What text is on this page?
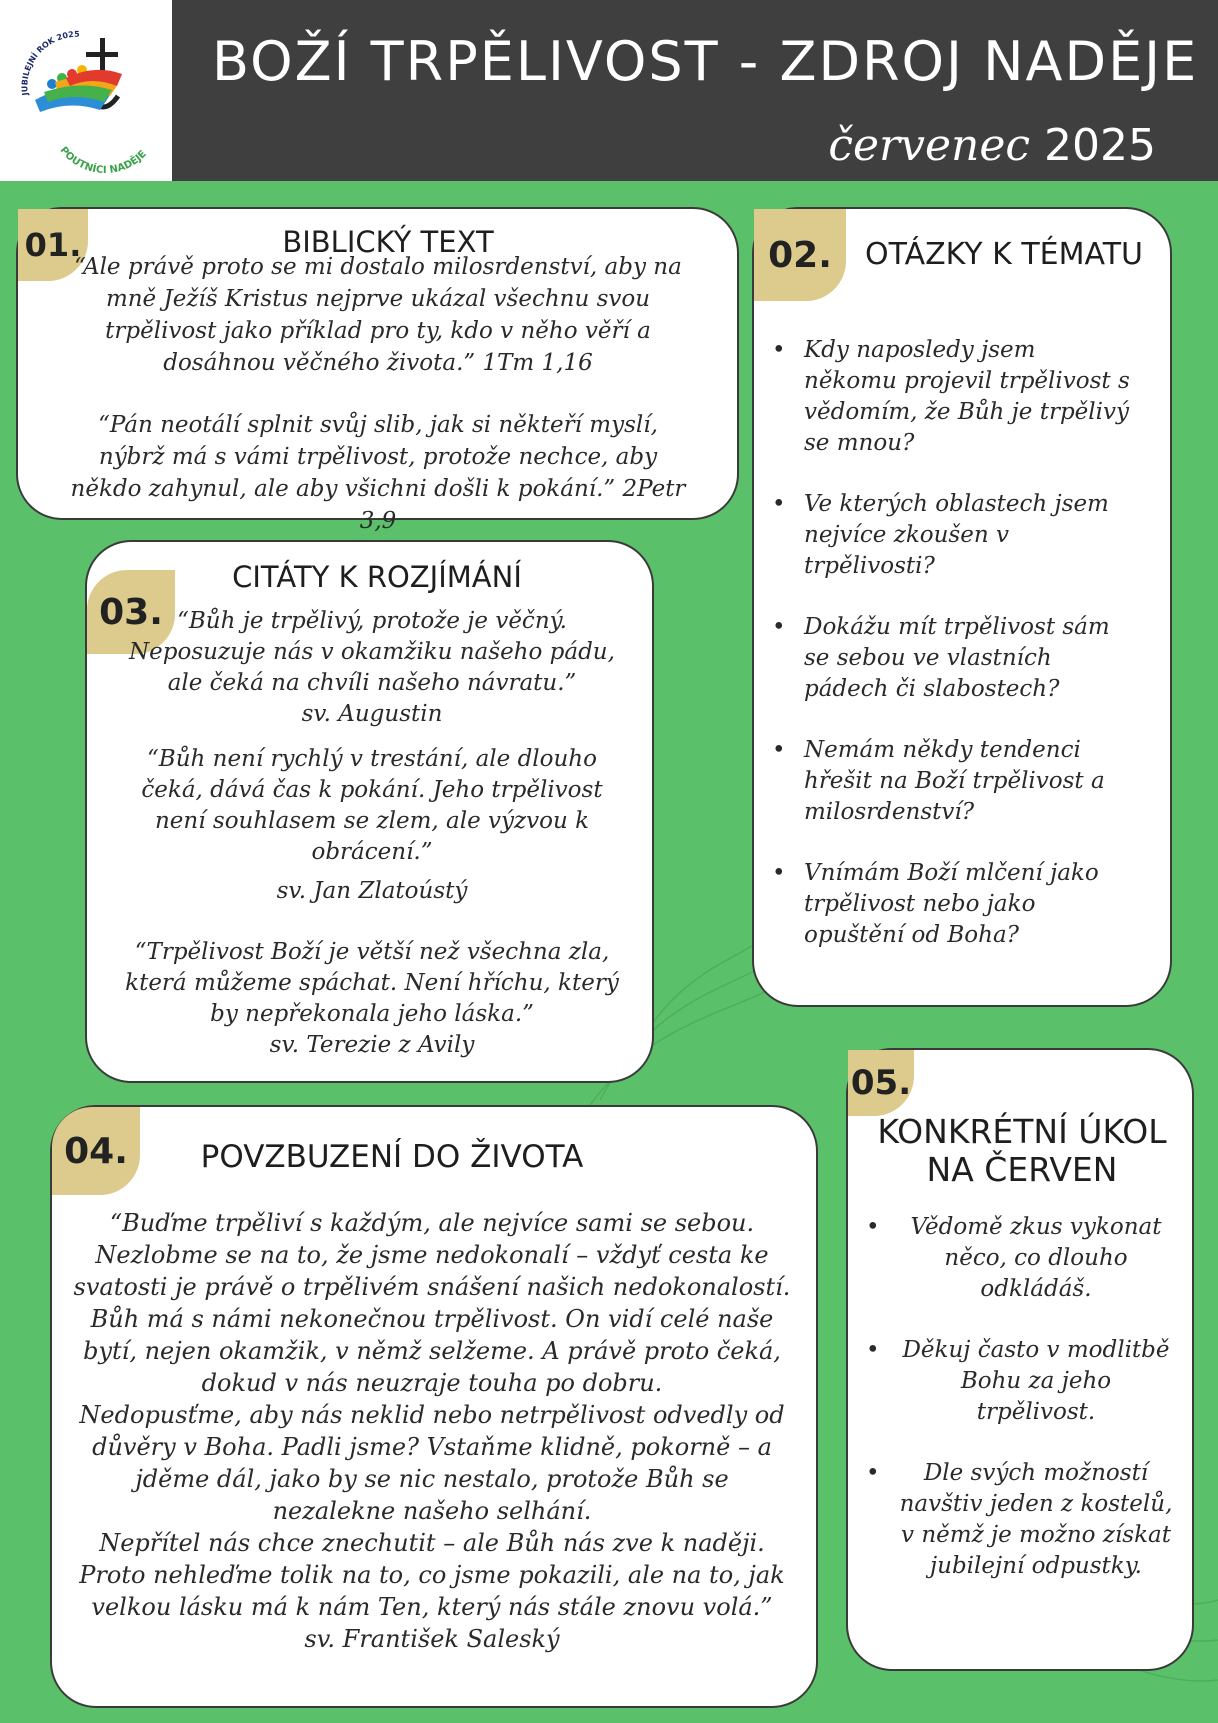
JUBILEJNÍ ROK 2025
POUTNÍCI NADĚJE
BOŽÍ TRPĚLIVOST - ZDROJ NADĚJE
červenec 2025
01.	BIBLICKÝ TEXT

“Ale právě proto se mi dostalo milosrdenství, aby na mně Ježíš Kristus nejprve ukázal všechnu svou trpělivost jako příklad pro ty, kdo v něho věří a dosáhnou věčného života.” 1Tm 1,16

“Pán neotálí splnit svůj slib, jak si někteří myslí, nýbrž má s vámi trpělivost, protože nechce, aby někdo zahynul, ale aby všichni došli k pokání.” 2Petr 3,9

02.	OTÁZKY K TÉMATU
• Kdy naposledy jsem někomu projevil trpělivost s vědomím, že Bůh je trpělivý se mnou?
• Ve kterých oblastech jsem nejvíce zkoušen v trpělivosti?
• Dokážu mít trpělivost sám se sebou ve vlastních pádech či slabostech?
• Nemám někdy tendenci hřešit na Boží trpělivost a milosrdenství?
• Vnímám Boží mlčení jako trpělivost nebo jako opuštění od Boha?
03.
CITÁTY K ROZJÍMÁNÍ

“Bůh je trpělivý, protože je věčný. Neposuzuje nás v okamžiku našeho pádu, ale čeká na chvíli našeho návratu.”

sv. Augustin

“Bůh není rychlý v trestání, ale dlouho čeká, dává čas k pokání. Jeho trpělivost není souhlasem se zlem, ale výzvou k obrácení.”

sv. Jan Zlatoústý

“Trpělivost Boží je větší než všechna zla, která můžeme spáchat. Není hříchu, který by nepřekonala jeho láska.”

sv. Terezie z Avily

04.	POVZBUZENÍ DO ŽIVOTA

“Buďme trpěliví s každým, ale nejvíce sami se sebou. Nezlobme se na to, že jsme nedokonalí – vždyť cesta ke svatosti je právě o trpělivém snášení našich nedokonalostí.

Bůh má s námi nekonečnou trpělivost. On vidí celé naše bytí, nejen okamžik, v němž selžeme. A právě proto čeká, dokud v nás neuzraje touha po dobru.

Nedopusťme, aby nás neklid nebo netrpělivost odvedly od důvěry v Boha. Padli jsme? Vstaňme klidně, pokorně – a jděme dál, jako by se nic nestalo, protože Bůh se nezalekne našeho selhání.

Nepřítel nás chce znechutit – ale Bůh nás zve k naději. Proto nehleďme tolik na to, co jsme pokazili, ale na to, jak velkou lásku má k nám Ten, který nás stále znovu volá.”

sv. František Saleský

05.
KONKRÉTNÍ ÚKOL
NA ČERVEN
• Vědomě zkus vykonat něco, co dlouho odkládáš.
• Děkuj často v modlitbě Bohu za jeho trpělivost.
• Dle svých možností navštiv jeden z kostelů, v němž je možno získat jubilejní odpustky.
